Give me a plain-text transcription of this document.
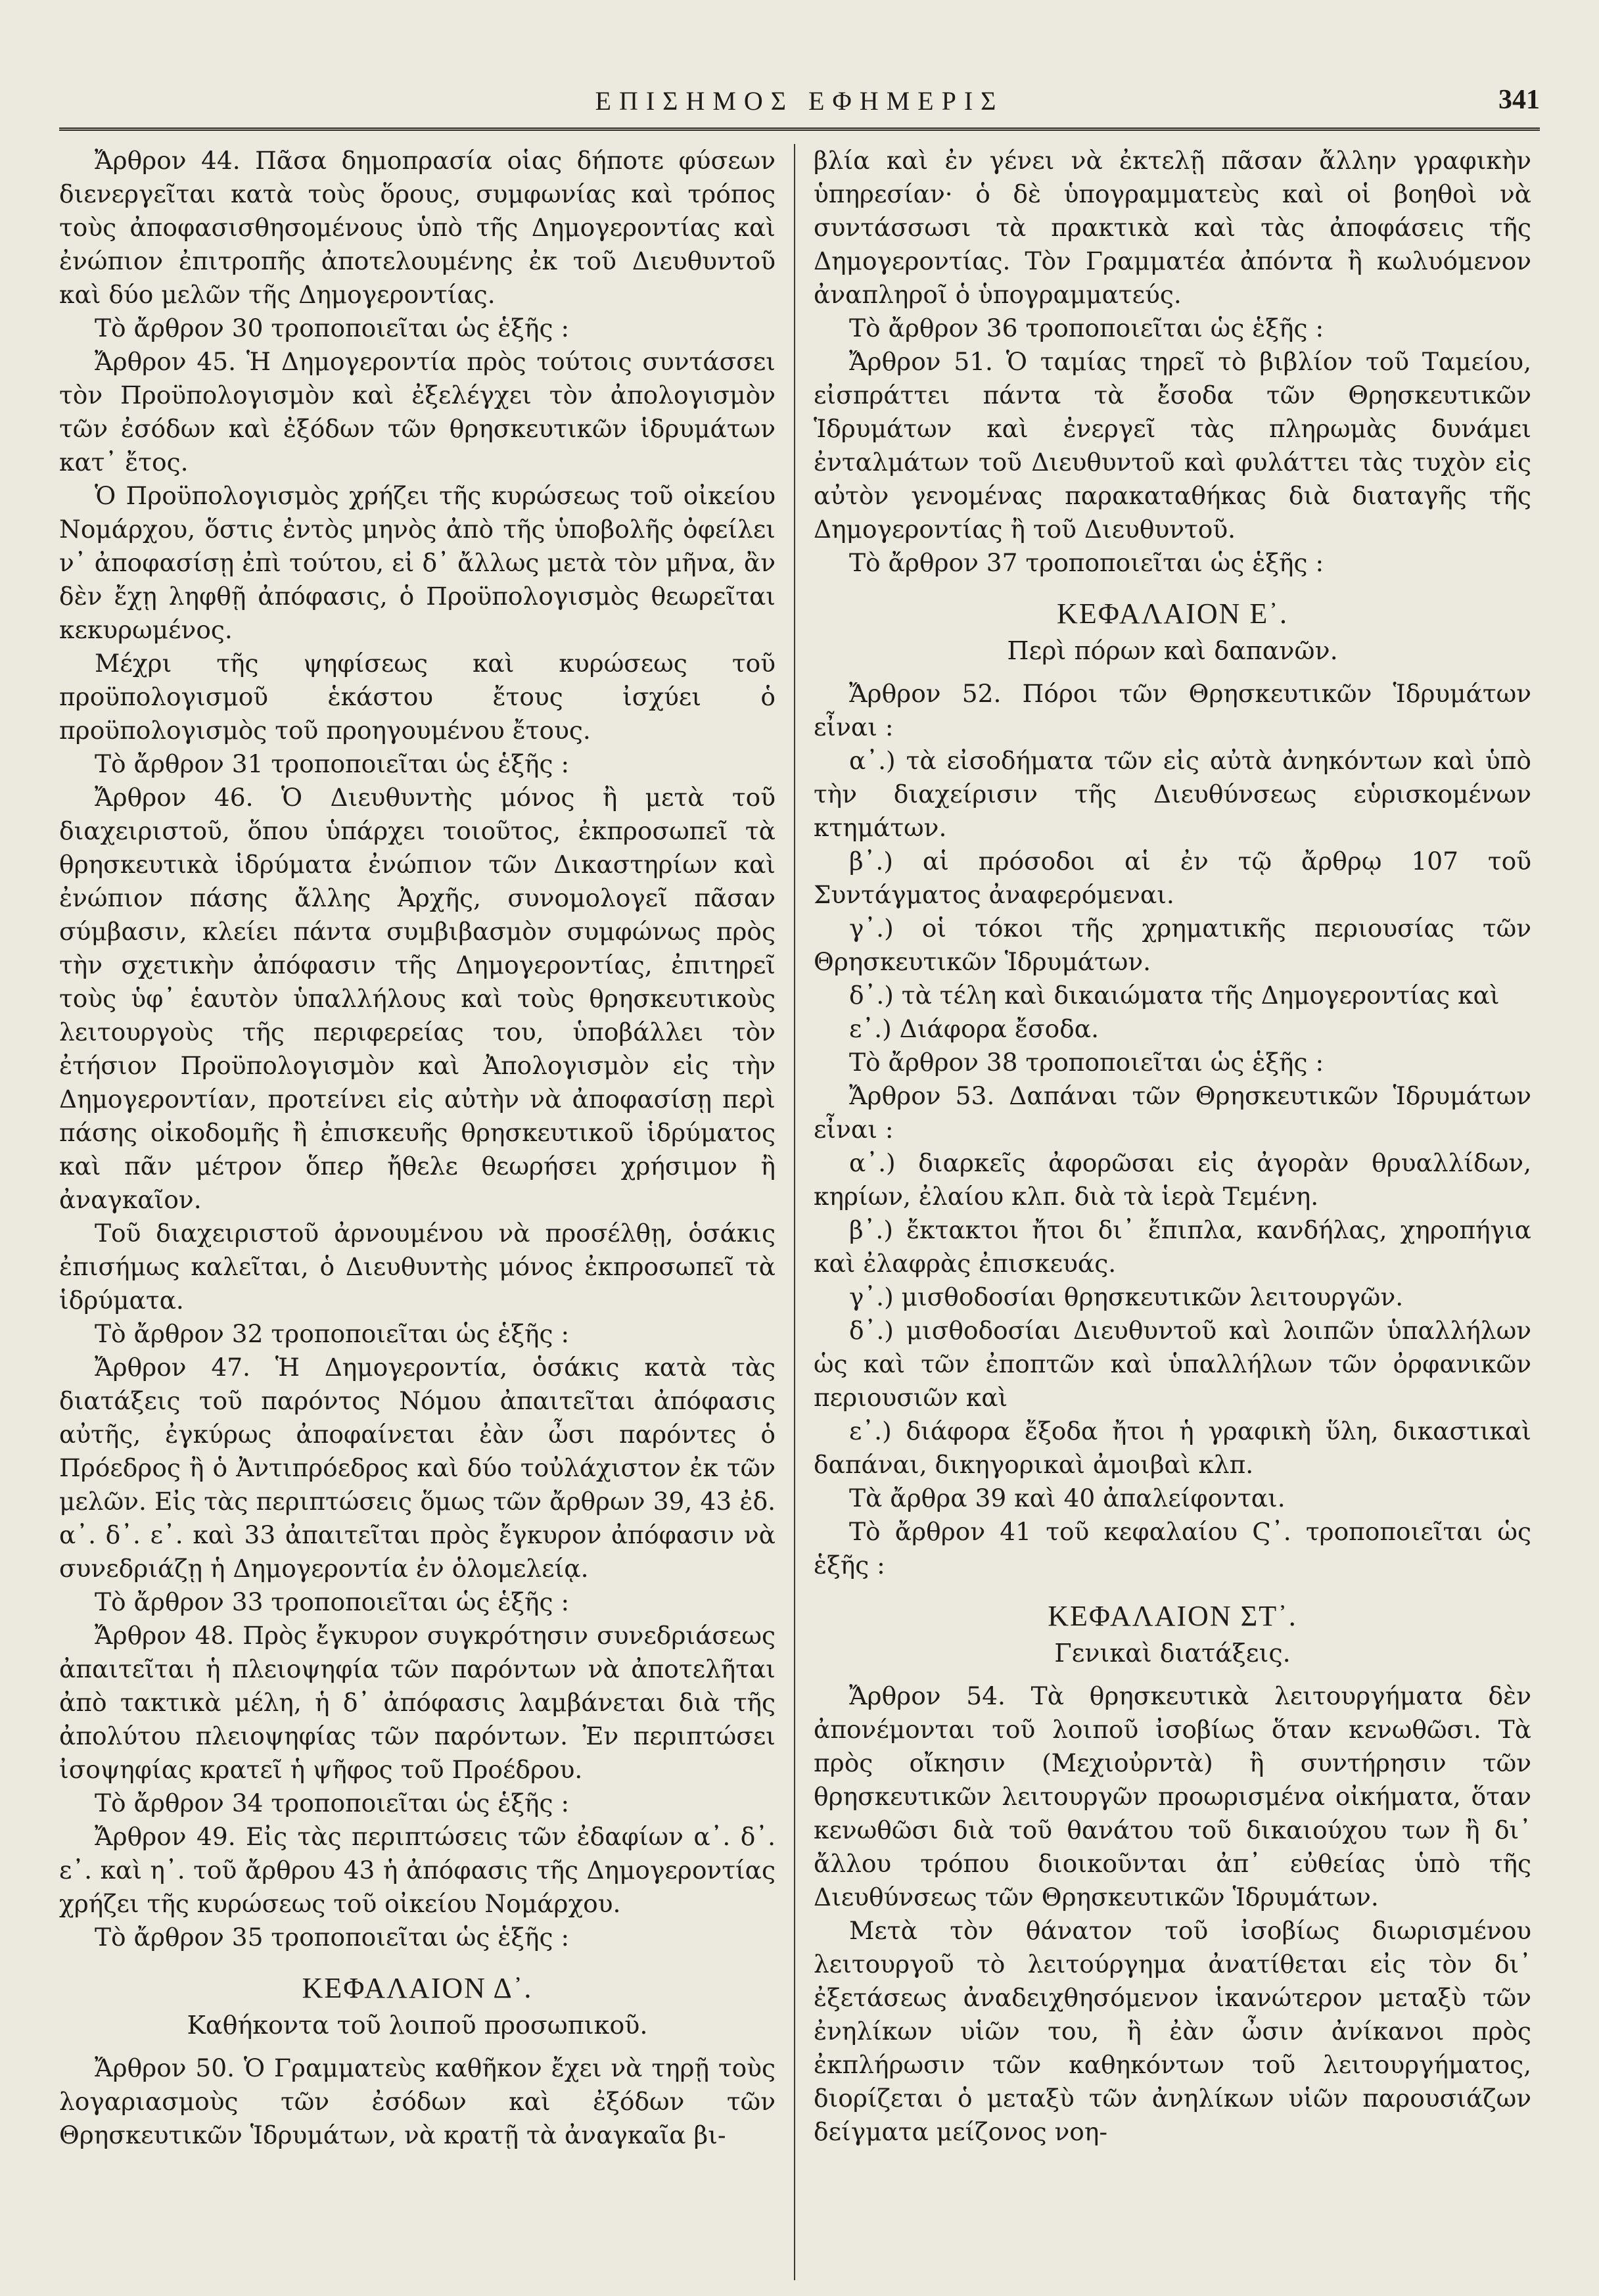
ΕΠΙΣΗΜΟΣ ΕΦΗΜΕΡΙΣ	341

Ἄρθρον 44. Πᾶσα δημοπρασία οἱας δήποτε φύσεων διενεργεῖται κατὰ τοὺς ὅρους, συμφωνίας καὶ τρόπος τοὺς ἀποφασισθησομένους ὑπὸ τῆς Δημογεροντίας καὶ ἐνώπιον ἐπιτροπῆς ἀποτελουμένης ἐκ τοῦ Διευθυντοῦ καὶ δύο μελῶν τῆς Δημογεροντίας.

Τὸ ἄρθρον 30 τροποποιεῖται ὡς ἑξῆς :

Ἄρθρον 45. Ἡ Δημογεροντία πρὸς τούτοις συντάσσει τὸν Προϋπολογισμὸν καὶ ἐξελέγχει τὸν ἀπολογισμὸν τῶν ἐσόδων καὶ ἐξόδων τῶν θρησκευτικῶν ἱδρυμάτων κατ᾽ ἔτος.

Ὁ Προϋπολογισμὸς χρήζει τῆς κυρώσεως τοῦ οἰκείου Νομάρχου, ὅστις ἐντὸς μηνὸς ἀπὸ τῆς ὑποβολῆς ὀφείλει ν᾽ ἀποφασίσῃ ἐπὶ τούτου, εἰ δ᾽ ἄλλως μετὰ τὸν μῆνα, ἂν δὲν ἔχῃ ληφθῇ ἀπόφασις, ὁ Προϋπολογισμὸς θεωρεῖται κεκυρωμένος.

Μέχρι τῆς ψηφίσεως καὶ κυρώσεως τοῦ προϋπολογισμοῦ ἑκάστου ἔτους ἰσχύει ὁ προϋπολογισμὸς τοῦ προηγουμένου ἔτους.

Τὸ ἄρθρον 31 τροποποιεῖται ὡς ἑξῆς :

Ἄρθρον 46. Ὁ Διευθυντὴς μόνος ἢ μετὰ τοῦ διαχειριστοῦ, ὅπου ὑπάρχει τοιοῦτος, ἐκπροσωπεῖ τὰ θρησκευτικὰ ἱδρύματα ἐνώπιον τῶν Δικαστηρίων καὶ ἐνώπιον πάσης ἄλλης Ἀρχῆς, συνομολογεῖ πᾶσαν σύμβασιν, κλείει πάντα συμβιβασμὸν συμφώνως πρὸς τὴν σχετικὴν ἀπόφασιν τῆς Δημογεροντίας, ἐπιτηρεῖ τοὺς ὑφ᾽ ἑαυτὸν ὑπαλλήλους καὶ τοὺς θρησκευτικοὺς λειτουργοὺς τῆς περιφερείας του, ὑποβάλλει τὸν ἐτήσιον Προϋπολογισμὸν καὶ Ἀπολογισμὸν εἰς τὴν Δημογεροντίαν, προτείνει εἰς αὐτὴν νὰ ἀποφασίσῃ περὶ πάσης οἰκοδομῆς ἢ ἐπισκευῆς θρησκευτικοῦ ἱδρύματος καὶ πᾶν μέτρον ὅπερ ἤθελε θεωρήσει χρήσιμον ἢ ἀναγκαῖον.

Τοῦ διαχειριστοῦ ἀρνουμένου νὰ προσέλθῃ, ὁσάκις ἐπισήμως καλεῖται, ὁ Διευθυντὴς μόνος ἐκπροσωπεῖ τὰ ἱδρύματα.

Τὸ ἄρθρον 32 τροποποιεῖται ὡς ἑξῆς :

Ἄρθρον 47. Ἡ Δημογεροντία, ὁσάκις κατὰ τὰς διατάξεις τοῦ παρόντος Νόμου ἀπαιτεῖται ἀπόφασις αὐτῆς, ἐγκύρως ἀποφαίνεται ἐὰν ὦσι παρόντες ὁ Πρόεδρος ἢ ὁ Ἀντιπρόεδρος καὶ δύο τοὐλάχιστον ἐκ τῶν μελῶν. Εἰς τὰς περιπτώσεις ὅμως τῶν ἄρθρων 39, 43 ἐδ. α᾽. δ᾽. ε᾽. καὶ 33 ἀπαιτεῖται πρὸς ἔγκυρον ἀπόφασιν νὰ συνεδριάζῃ ἡ Δημογεροντία ἐν ὁλομελείᾳ.

Τὸ ἄρθρον 33 τροποποιεῖται ὡς ἑξῆς :

Ἄρθρον 48. Πρὸς ἔγκυρον συγκρότησιν συνεδριάσεως ἀπαιτεῖται ἡ πλειοψηφία τῶν παρόντων νὰ ἀποτελῆται ἀπὸ τακτικὰ μέλη, ἡ δ᾽ ἀπόφασις λαμβάνεται διὰ τῆς ἀπολύτου πλειοψηφίας τῶν παρόντων. Ἐν περιπτώσει ἰσοψηφίας κρατεῖ ἡ ψῆφος τοῦ Προέδρου.

Τὸ ἄρθρον 34 τροποποιεῖται ὡς ἑξῆς :

Ἄρθρον 49. Εἰς τὰς περιπτώσεις τῶν ἐδαφίων α᾽. δ᾽. ε᾽. καὶ η᾽. τοῦ ἄρθρου 43 ἡ ἀπόφασις τῆς Δημογεροντίας χρήζει τῆς κυρώσεως τοῦ οἰκείου Νομάρχου.

Τὸ ἄρθρον 35 τροποποιεῖται ὡς ἑξῆς :

ΚΕΦΑΛΑΙΟΝ Δ᾽.
Καθήκοντα τοῦ λοιποῦ προσωπικοῦ.

Ἄρθρον 50. Ὁ Γραμματεὺς καθῆκον ἔχει νὰ τηρῇ τοὺς λογαριασμοὺς τῶν ἐσόδων καὶ ἐξόδων τῶν Θρησκευτικῶν Ἱδρυμάτων, νὰ κρατῇ τὰ ἀναγκαῖα βι-

βλία καὶ ἐν γένει νὰ ἐκτελῇ πᾶσαν ἄλλην γραφικὴν ὑπηρεσίαν· ὁ δὲ ὑπογραμματεὺς καὶ οἱ βοηθοὶ νὰ συντάσσωσι τὰ πρακτικὰ καὶ τὰς ἀποφάσεις τῆς Δημογεροντίας. Τὸν Γραμματέα ἀπόντα ἢ κωλυόμενον ἀναπληροῖ ὁ ὑπογραμματεύς.

Τὸ ἄρθρον 36 τροποποιεῖται ὡς ἑξῆς :

Ἄρθρον 51. Ὁ ταμίας τηρεῖ τὸ βιβλίον τοῦ Ταμείου, εἰσπράττει πάντα τὰ ἔσοδα τῶν Θρησκευτικῶν Ἱδρυμάτων καὶ ἐνεργεῖ τὰς πληρωμὰς δυνάμει ἐνταλμάτων τοῦ Διευθυντοῦ καὶ φυλάττει τὰς τυχὸν εἰς αὐτὸν γενομένας παρακαταθήκας διὰ διαταγῆς τῆς Δημογεροντίας ἢ τοῦ Διευθυντοῦ.

Τὸ ἄρθρον 37 τροποποιεῖται ὡς ἑξῆς :

ΚΕΦΑΛΑΙΟΝ Ε᾽.
Περὶ πόρων καὶ δαπανῶν.

Ἄρθρον 52. Πόροι τῶν Θρησκευτικῶν Ἱδρυμάτων εἶναι :

α᾽.) τὰ εἰσοδήματα τῶν εἰς αὐτὰ ἀνηκόντων καὶ ὑπὸ τὴν διαχείρισιν τῆς Διευθύνσεως εὑρισκομένων κτημάτων.

β᾽.) αἱ πρόσοδοι αἱ ἐν τῷ ἄρθρῳ 107 τοῦ Συντάγματος ἀναφερόμεναι.

γ᾽.) οἱ τόκοι τῆς χρηματικῆς περιουσίας τῶν Θρησκευτικῶν Ἱδρυμάτων.

δ᾽.) τὰ τέλη καὶ δικαιώματα τῆς Δημογεροντίας καὶ

ε᾽.) Διάφορα ἔσοδα.

Τὸ ἄρθρον 38 τροποποιεῖται ὡς ἑξῆς :

Ἄρθρον 53. Δαπάναι τῶν Θρησκευτικῶν Ἱδρυμάτων εἶναι :

α᾽.) διαρκεῖς ἀφορῶσαι εἰς ἀγορὰν θρυαλλίδων, κηρίων, ἐλαίου κλπ. διὰ τὰ ἱερὰ Τεμένη.

β᾽.) ἔκτακτοι ἤτοι δι᾽ ἔπιπλα, κανδήλας, χηροπήγια καὶ ἐλαφρὰς ἐπισκευάς.

γ᾽.) μισθοδοσίαι θρησκευτικῶν λειτουργῶν.

δ᾽.) μισθοδοσίαι Διευθυντοῦ καὶ λοιπῶν ὑπαλλήλων ὡς καὶ τῶν ἐποπτῶν καὶ ὑπαλλήλων τῶν ὀρφανικῶν περιουσιῶν καὶ

ε᾽.) διάφορα ἔξοδα ἤτοι ἡ γραφικὴ ὕλη, δικαστικαὶ δαπάναι, δικηγορικαὶ ἀμοιβαὶ κλπ.

Τὰ ἄρθρα 39 καὶ 40 ἀπαλείφονται.

Τὸ ἄρθρον 41 τοῦ κεφαλαίου Ϛ᾽. τροποποιεῖται ὡς ἑξῆς :

ΚΕΦΑΛΑΙΟΝ ΣΤ᾽.
Γενικαὶ διατάξεις.

Ἄρθρον 54. Τὰ θρησκευτικὰ λειτουργήματα δὲν ἀπονέμονται τοῦ λοιποῦ ἰσοβίως ὅταν κενωθῶσι. Τὰ πρὸς οἴκησιν (Μεχιοὐρντὰ) ἢ συντήρησιν τῶν θρησκευτικῶν λειτουργῶν προωρισμένα οἰκήματα, ὅταν κενωθῶσι διὰ τοῦ θανάτου τοῦ δικαιούχου των ἢ δι᾽ ἄλλου τρόπου διοικοῦνται ἀπ᾽ εὐθείας ὑπὸ τῆς Διευθύνσεως τῶν Θρησκευτικῶν Ἱδρυμάτων.

Μετὰ τὸν θάνατον τοῦ ἰσοβίως διωρισμένου λειτουργοῦ τὸ λειτούργημα ἀνατίθεται εἰς τὸν δι᾽ ἐξετάσεως ἀναδειχθησόμενον ἱκανώτερον μεταξὺ τῶν ἐνηλίκων υἱῶν του, ἢ ἐὰν ὦσιν ἀνίκανοι πρὸς ἐκπλήρωσιν τῶν καθηκόντων τοῦ λειτουργήματος, διορίζεται ὁ μεταξὺ τῶν ἀνηλίκων υἱῶν παρουσιάζων δείγματα μείζονος νοη-
